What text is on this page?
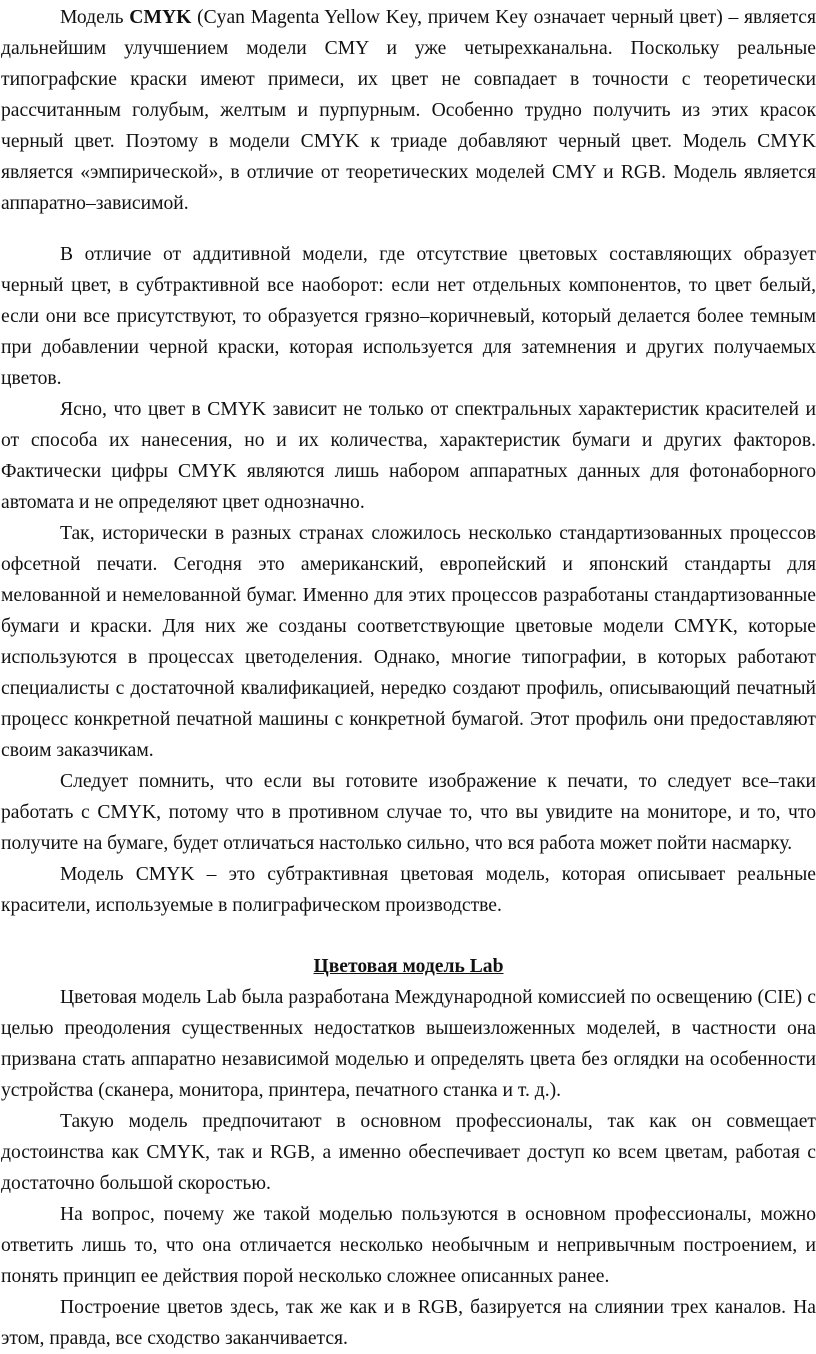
Модель CMYK (Cyan Magenta Yellow Key, причем Key означает черный цвет) – является дальнейшим улучшением модели CMY и уже четырехканальна. Поскольку реальные типографские краски имеют примеси, их цвет не совпадает в точности с теоретически рассчитанным голубым, желтым и пурпурным. Особенно трудно получить из этих красок черный цвет. Поэтому в модели CMYK к триаде добавляют черный цвет. Модель CMYK является «эмпирической», в отличие от теоретических моделей CMY и RGB. Модель является аппаратно–зависимой.

В отличие от аддитивной модели, где отсутствие цветовых составляющих образует черный цвет, в субтрактивной все наоборот: если нет отдельных компонентов, то цвет белый, если они все присутствуют, то образуется грязно–коричневый, который делается более темным при добавлении черной краски, которая используется для затемнения и других получаемых цветов.

Ясно, что цвет в CMYK зависит не только от спектральных характеристик красителей и от способа их нанесения, но и их количества, характеристик бумаги и других факторов. Фактически цифры CMYK являются лишь набором аппаратных данных для фотонаборного автомата и не определяют цвет однозначно.

Так, исторически в разных странах сложилось несколько стандартизованных процессов офсетной печати. Сегодня это американский, европейский и японский стандарты для мелованной и немелованной бумаг. Именно для этих процессов разработаны стандартизованные бумаги и краски. Для них же созданы соответствующие цветовые модели CMYK, которые используются в процессах цветоделения. Однако, многие типографии, в которых работают специалисты с достаточной квалификацией, нередко создают профиль, описывающий печатный процесс конкретной печатной машины с конкретной бумагой. Этот профиль они предоставляют своим заказчикам.

Следует помнить, что если вы готовите изображение к печати, то следует все–таки работать с CMYK, потому что в противном случае то, что вы увидите на мониторе, и то, что получите на бумаге, будет отличаться настолько сильно, что вся работа может пойти насмарку.

Модель CMYK – это субтрактивная цветовая модель, которая описывает реальные красители, используемые в полиграфическом производстве.

Цветовая модель Lab

Цветовая модель Lab была разработана Международной комиссией по освещению (CIE) с целью преодоления существенных недостатков вышеизложенных моделей, в частности она призвана стать аппаратно независимой моделью и определять цвета без оглядки на особенности устройства (сканера, монитора, принтера, печатного станка и т. д.).

Такую модель предпочитают в основном профессионалы, так как он совмещает достоинства как CMYK, так и RGB, а именно обеспечивает доступ ко всем цветам, работая с достаточно большой скоростью.

На вопрос, почему же такой моделью пользуются в основном профессионалы, можно ответить лишь то, что она отличается несколько необычным и непривычным построением, и понять принцип ее действия порой несколько сложнее описанных ранее.

Построение цветов здесь, так же как и в RGB, базируется на слиянии трех каналов. На этом, правда, все сходство заканчивается.
